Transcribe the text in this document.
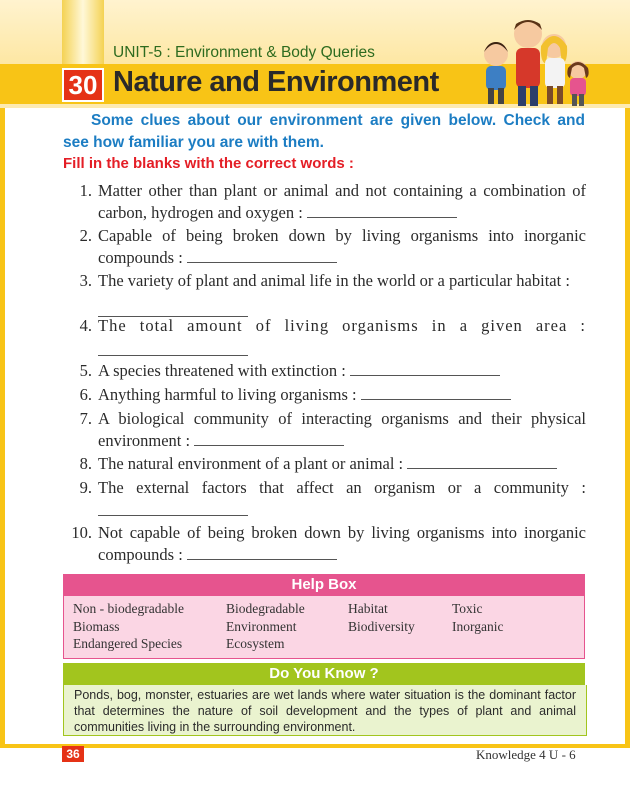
UNIT-5 : Environment & Body Queries
30 Nature and Environment
Some clues about our environment are given below. Check and see how familiar you are with them.
Fill in the blanks with the correct words :
1. Matter other than plant or animal and not containing a combination of carbon, hydrogen and oxygen :
2. Capable of being broken down by living organisms into inorganic compounds :
3. The variety of plant and animal life in the world or a particular habitat :
4. The total amount of living organisms in a given area :
5. A species threatened with extinction :
6. Anything harmful to living organisms :
7. A biological community of interacting organisms and their physical environment :
8. The natural environment of a plant or animal :
9. The external factors that affect an organism or a community :
10. Not capable of being broken down by living organisms into inorganic compounds :
Help Box
Non - biodegradable	Biodegradable	Habitat	Toxic
Biomass	Environment	Biodiversity	Inorganic
Endangered Species	Ecosystem
Do You Know ?
Ponds, bog, monster, estuaries are wet lands where water situation is the dominant factor that determines the nature of soil development and the types of plant and animal communities living in the surrounding environment.
36	Knowledge 4 U - 6
